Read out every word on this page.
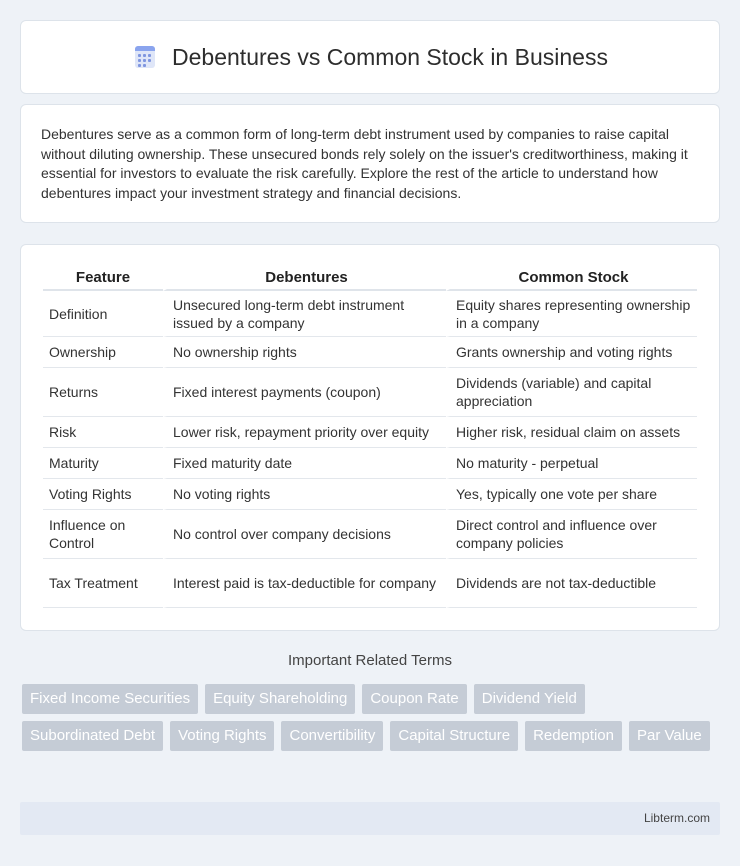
Debentures vs Common Stock in Business

Debentures serve as a common form of long-term debt instrument used by companies to raise capital without diluting ownership. These unsecured bonds rely solely on the issuer's creditworthiness, making it essential for investors to evaluate the risk carefully. Explore the rest of the article to understand how debentures impact your investment strategy and financial decisions.

Feature	Debentures	Common Stock
Definition	Unsecured long-term debt instrument issued by a company	Equity shares representing ownership in a company
Ownership	No ownership rights	Grants ownership and voting rights
Returns	Fixed interest payments (coupon)	Dividends (variable) and capital appreciation
Risk	Lower risk, repayment priority over equity	Higher risk, residual claim on assets
Maturity	Fixed maturity date	No maturity - perpetual
Voting Rights	No voting rights	Yes, typically one vote per share
Influence on Control	No control over company decisions	Direct control and influence over company policies
Tax Treatment	Interest paid is tax-deductible for company	Dividends are not tax-deductible
Important Related Terms
Fixed Income Securities	Equity Shareholding	Coupon Rate	Dividend Yield
Subordinated Debt	Voting Rights	Convertibility	Capital Structure	Redemption	Par Value
Libterm.com
